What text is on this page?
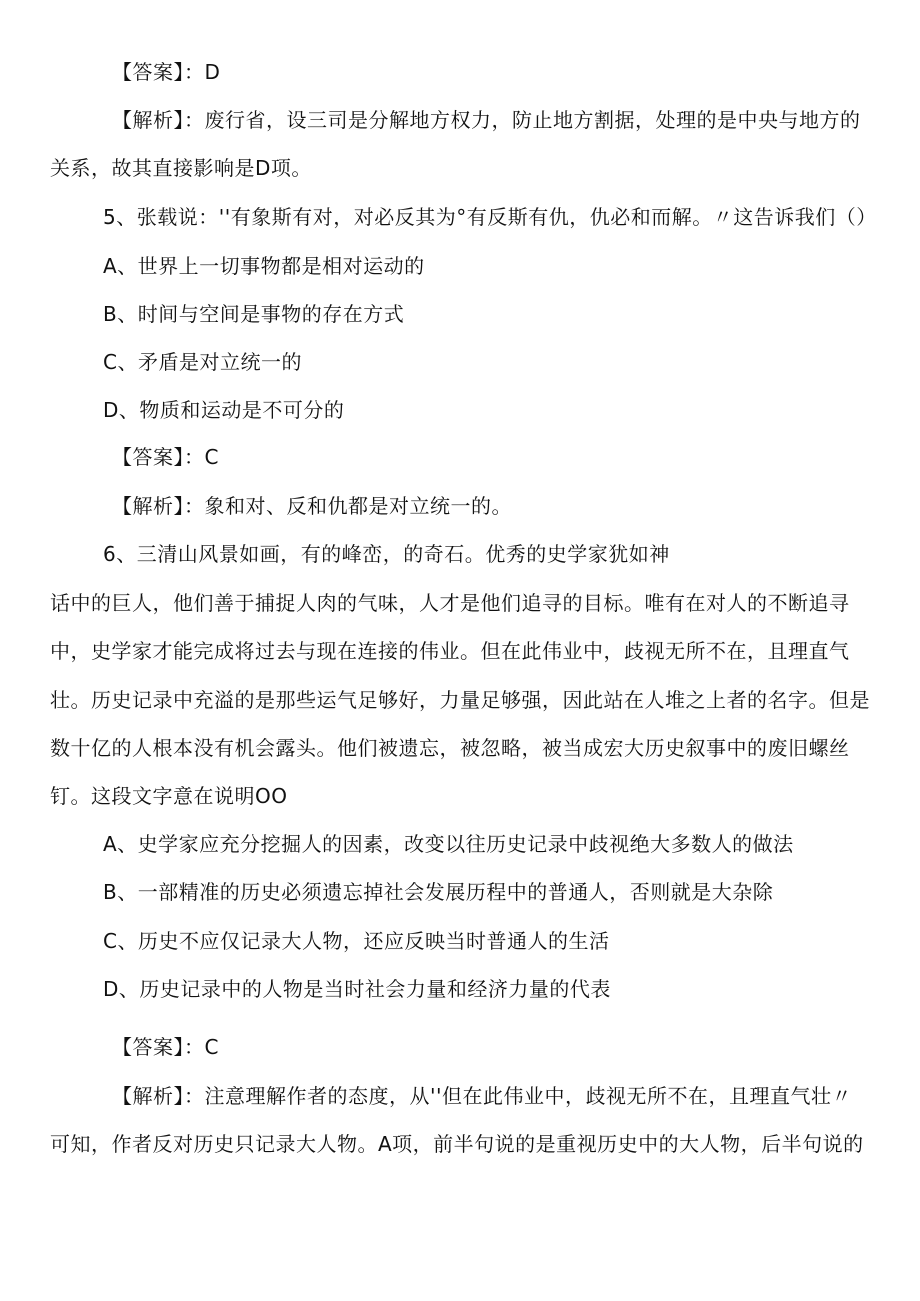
【答案】：D
【解析】：废行省，设三司是分解地方权力，防止地方割据，处理的是中央与地方的
关系，故其直接影响是D项。
5、张载说：''有象斯有对，对必反其为°有反斯有仇，仇必和而解。〃这告诉我们（）
A、世界上一切事物都是相对运动的
B、时间与空间是事物的存在方式
C、矛盾是对立统一的
D、物质和运动是不可分的
【答案】：C
【解析】：象和对、反和仇都是对立统一的。
6、三清山风景如画，有的峰峦，的奇石。优秀的史学家犹如神
话中的巨人，他们善于捕捉人肉的气味，人才是他们追寻的目标。唯有在对人的不断追寻
中，史学家才能完成将过去与现在连接的伟业。但在此伟业中，歧视无所不在，且理直气
壮。历史记录中充溢的是那些运气足够好，力量足够强，因此站在人堆之上者的名字。但是
数十亿的人根本没有机会露头。他们被遗忘，被忽略，被当成宏大历史叙事中的废旧螺丝
钉。这段文字意在说明OO
A、史学家应充分挖掘人的因素，改变以往历史记录中歧视绝大多数人的做法
B、一部精准的历史必须遗忘掉社会发展历程中的普通人，否则就是大杂除
C、历史不应仅记录大人物，还应反映当时普通人的生活
D、历史记录中的人物是当时社会力量和经济力量的代表
【答案】：C
【解析】：注意理解作者的态度，从''但在此伟业中，歧视无所不在，且理直气壮〃
可知，作者反对历史只记录大人物。A项，前半句说的是重视历史中的大人物，后半句说的
